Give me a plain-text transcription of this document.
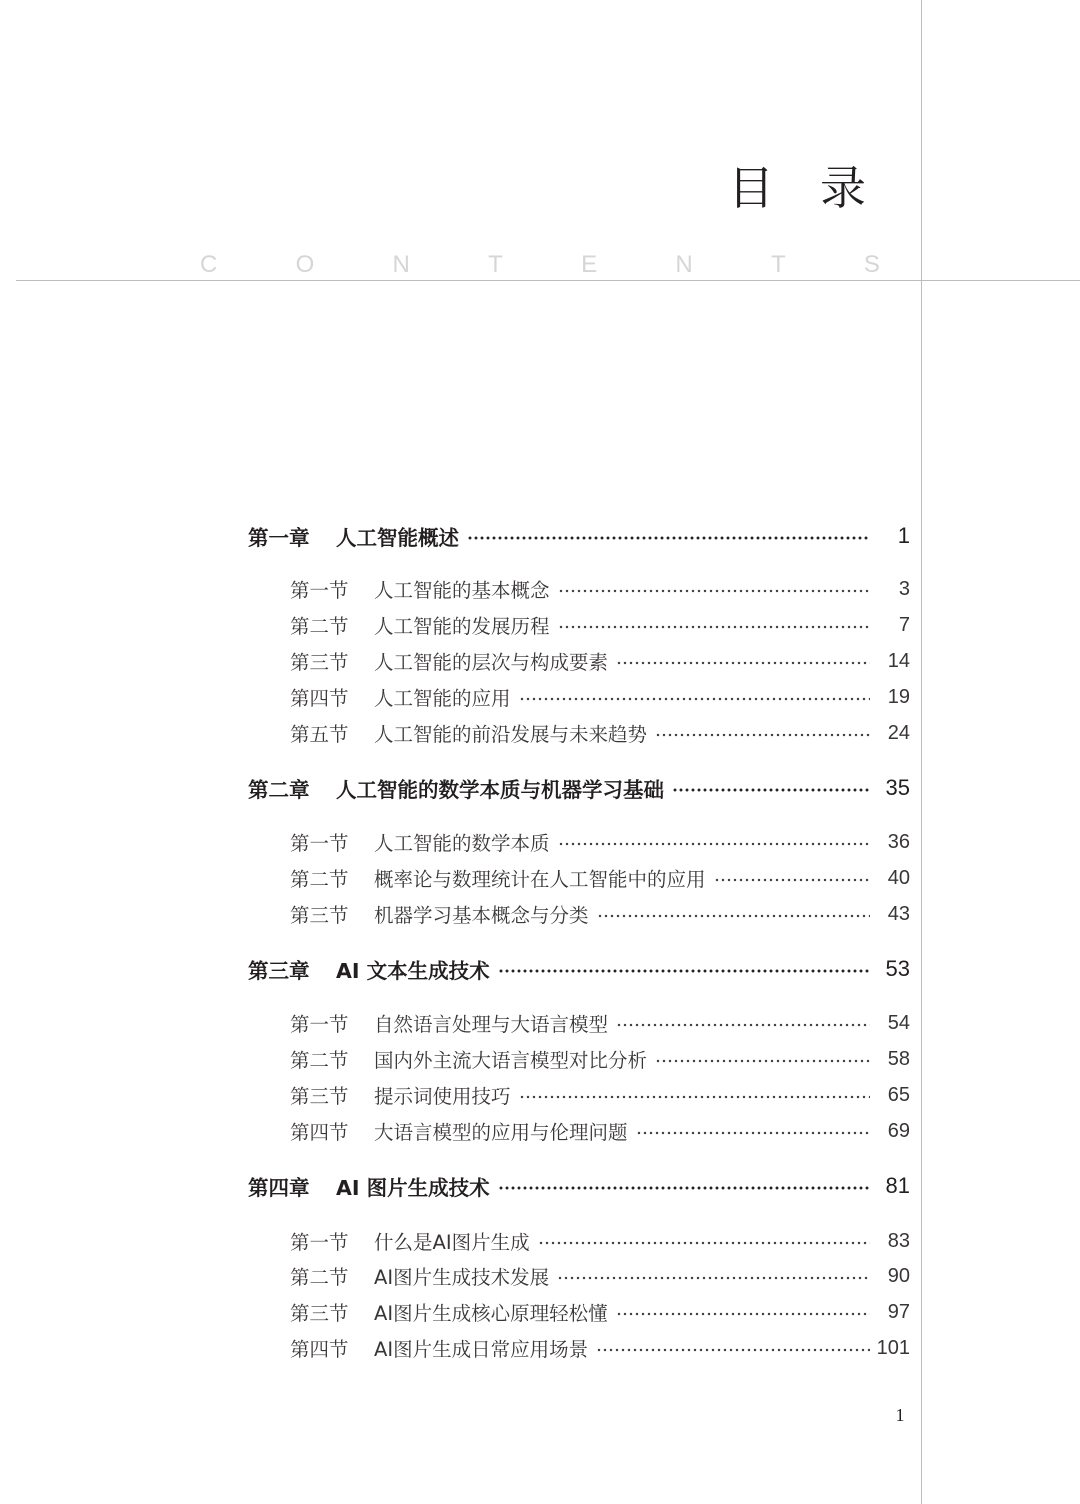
目 录
C	O	N	T	E	N	T	S
第一章	人工智能概述	1
第一节	人工智能的基本概念	3
第二节	人工智能的发展历程	7
第三节	人工智能的层次与构成要素	14
第四节	人工智能的应用	19
第五节	人工智能的前沿发展与未来趋势	24
第二章	人工智能的数学本质与机器学习基础	35
第一节	人工智能的数学本质	36
第二节	概率论与数理统计在人工智能中的应用	40
第三节	机器学习基本概念与分类	43
第三章	AI 文本生成技术	53
第一节	自然语言处理与大语言模型	54
第二节	国内外主流大语言模型对比分析	58
第三节	提示词使用技巧	65
第四节	大语言模型的应用与伦理问题	69
第四章	AI 图片生成技术	81
第一节	什么是AI图片生成	83
第二节	AI图片生成技术发展	90
第三节	AI图片生成核心原理轻松懂	97
第四节	AI图片生成日常应用场景	101
1
